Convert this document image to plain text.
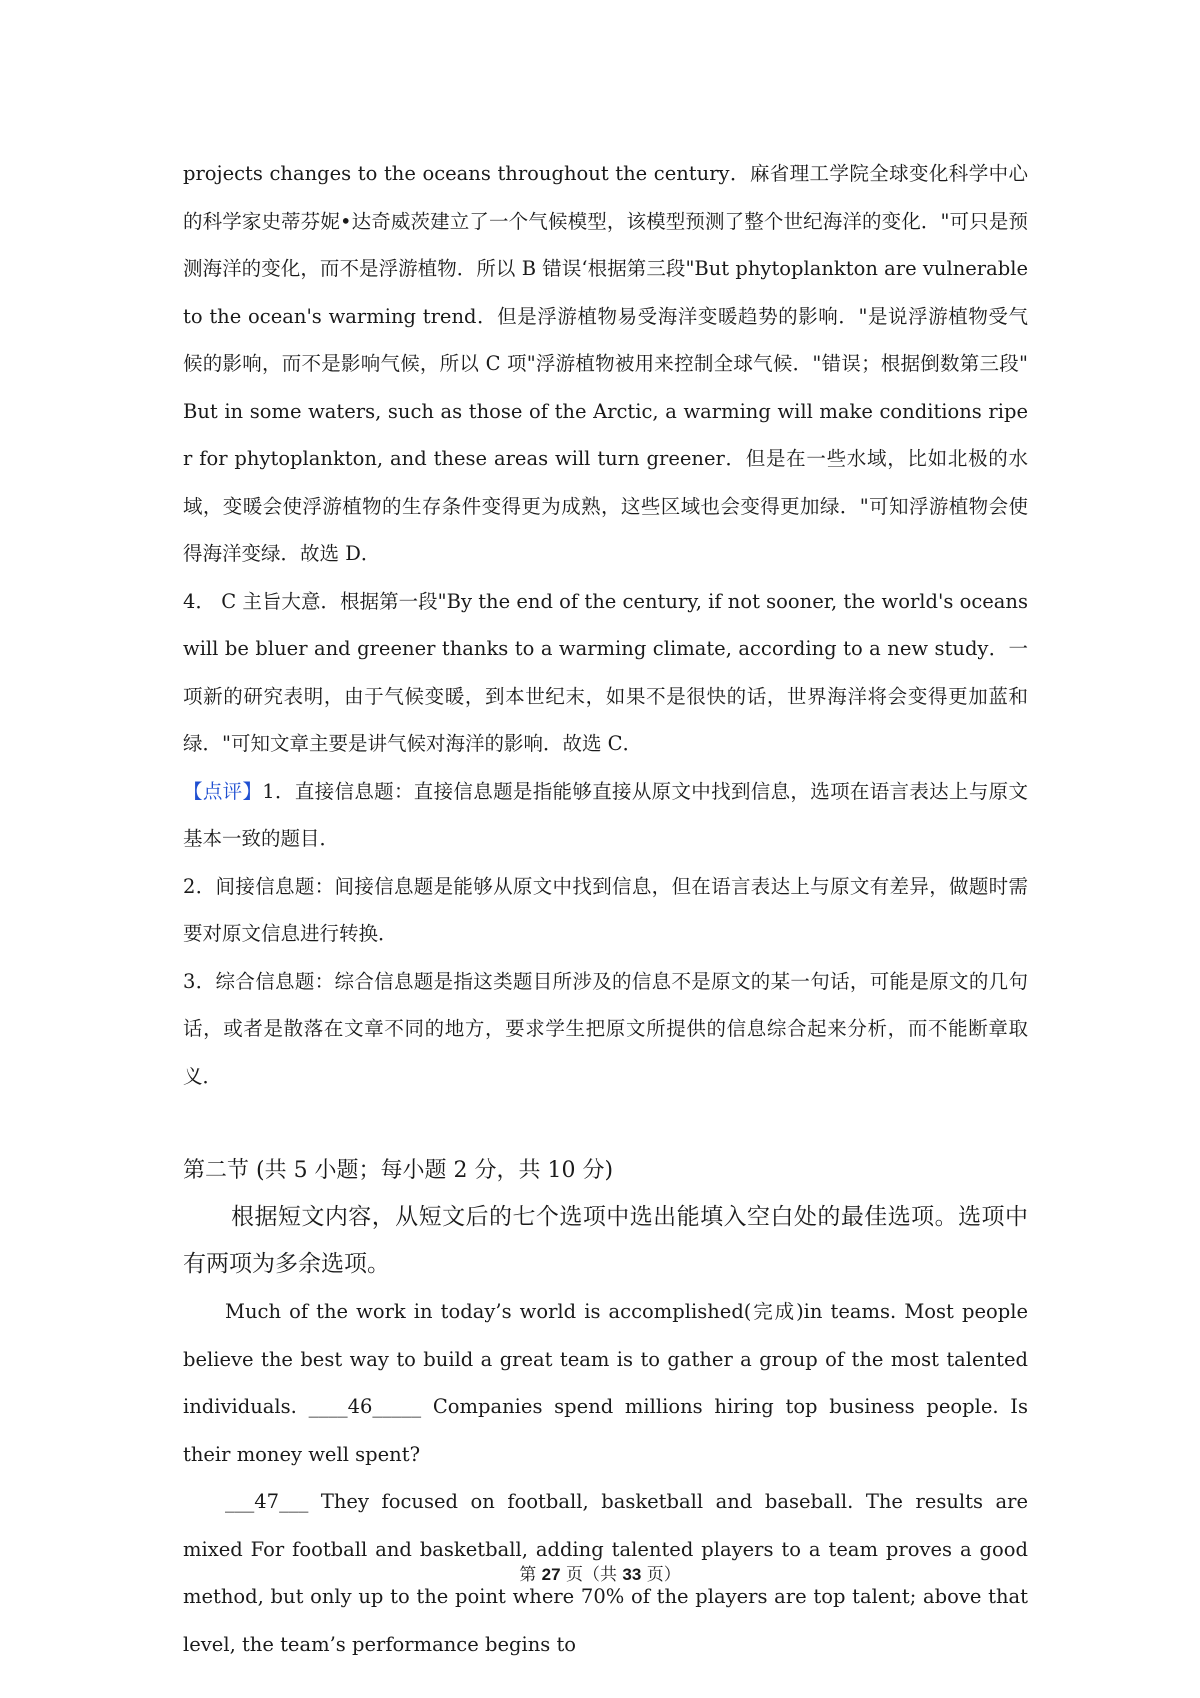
projects changes to the oceans throughout the century．麻省理工学院全球变化科学中心的科学家史蒂芬妮•达奇威茨建立了一个气候模型，该模型预测了整个世纪海洋的变化．"可只是预测海洋的变化，而不是浮游植物．所以 B 错误‘根据第三段"But phytoplankton are vulnerable to the ocean's warming trend．但是浮游植物易受海洋变暖趋势的影响．"是说浮游植物受气候的影响，而不是影响气候，所以 C 项"浮游植物被用来控制全球气候．"错误；根据倒数第三段" But in some waters, such as those of the Arctic, a warming will make conditions riper for phytoplankton, and these areas will turn greener．但是在一些水域，比如北极的水域，变暖会使浮游植物的生存条件变得更为成熟，这些区域也会变得更加绿．"可知浮游植物会使得海洋变绿．故选 D．

4． C 主旨大意．根据第一段"By the end of the century, if not sooner, the world's oceans will be bluer and greener thanks to a warming climate, according to a new study．一项新的研究表明，由于气候变暖，到本世纪末，如果不是很快的话，世界海洋将会变得更加蓝和绿．"可知文章主要是讲气候对海洋的影响．故选 C．

【点评】1．直接信息题：直接信息题是指能够直接从原文中找到信息，选项在语言表达上与原文基本一致的题目．

2．间接信息题：间接信息题是能够从原文中找到信息，但在语言表达上与原文有差异，做题时需要对原文信息进行转换．

3．综合信息题：综合信息题是指这类题目所涉及的信息不是原文的某一句话，可能是原文的几句话，或者是散落在文章不同的地方，要求学生把原文所提供的信息综合起来分析，而不能断章取义．

第二节 (共 5 小题；每小题 2 分，共 10 分)

根据短文内容，从短文后的七个选项中选出能填入空白处的最佳选项。选项中有两项为多余选项。

Much of the work in today’s world is accomplished(完成)in teams. Most people believe the best way to build a great team is to gather a group of the most talented individuals. ____46_____ Companies spend millions hiring top business people. Is their money well spent?

___47___ They focused on football, basketball and baseball. The results are mixed For football and basketball, adding talented players to a team proves a good method, but only up to the point where 70% of the players are top talent; above that level, the team’s performance begins to

第 27 页（共 33 页）
